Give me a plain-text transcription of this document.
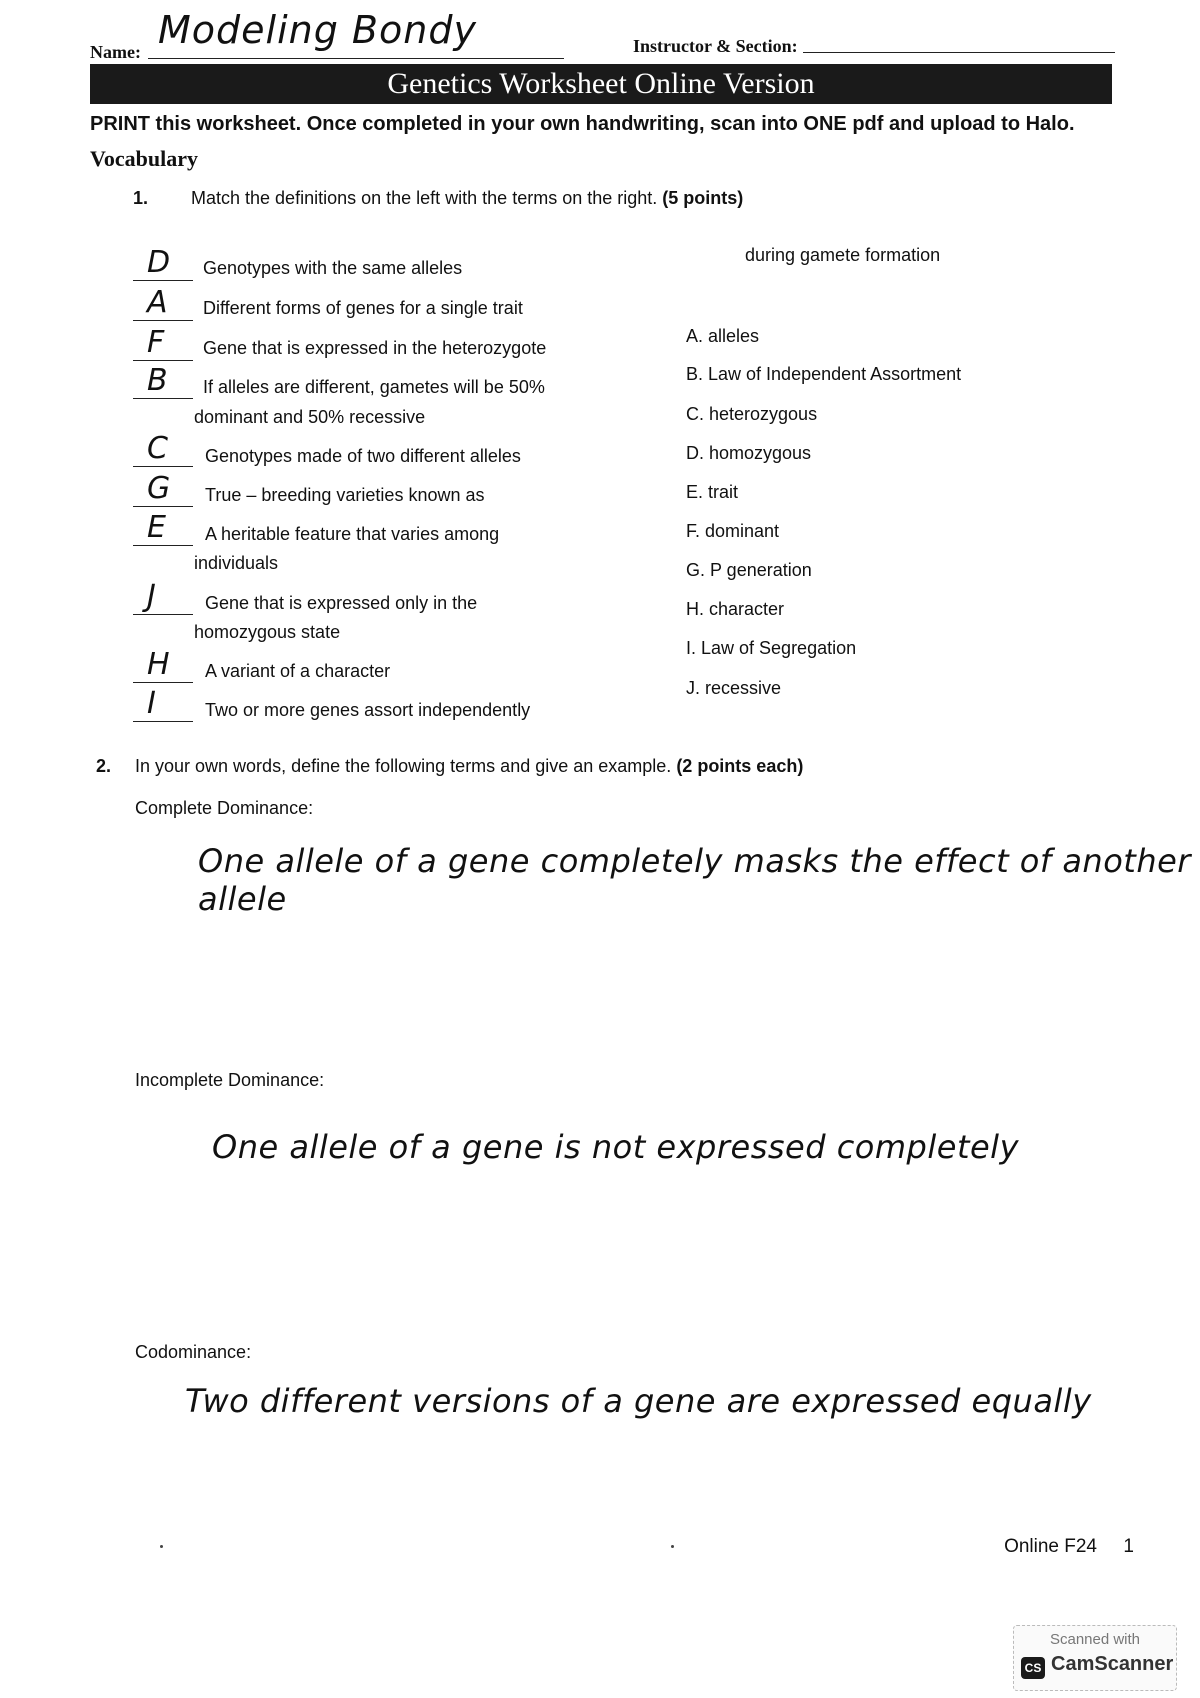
Name: Modeling Bondy	Instructor & Section:
Genetics Worksheet Online Version
PRINT this worksheet. Once completed in your own handwriting, scan into ONE pdf and upload to Halo.
Vocabulary
1. Match the definitions on the left with the terms on the right. (5 points)
during gamete formation
D Genotypes with the same alleles
A Different forms of genes for a single trait
F Gene that is expressed in the heterozygote
B If alleles are different, gametes will be 50%
dominant and 50% recessive
C Genotypes made of two different alleles
G True – breeding varieties known as
E A heritable feature that varies among
individuals
J	Gene that is expressed only in the
homozygous state
H A variant of a character
I	Two or more genes assort independently
A. alleles
B. Law of Independent Assortment
C. heterozygous
D. homozygous
E. trait
F. dominant
G. P generation
H. character
I. Law of Segregation
J. recessive
2. In your own words, define the following terms and give an example. (2 points each)
Complete Dominance:
One allele of a gene completely masks the effect of another allele
Incomplete Dominance:
One allele of a gene is not expressed completely
Codominance:
Two different versions of a gene are expressed equally
Online F24 1
Scanned with
CS CamScanner
